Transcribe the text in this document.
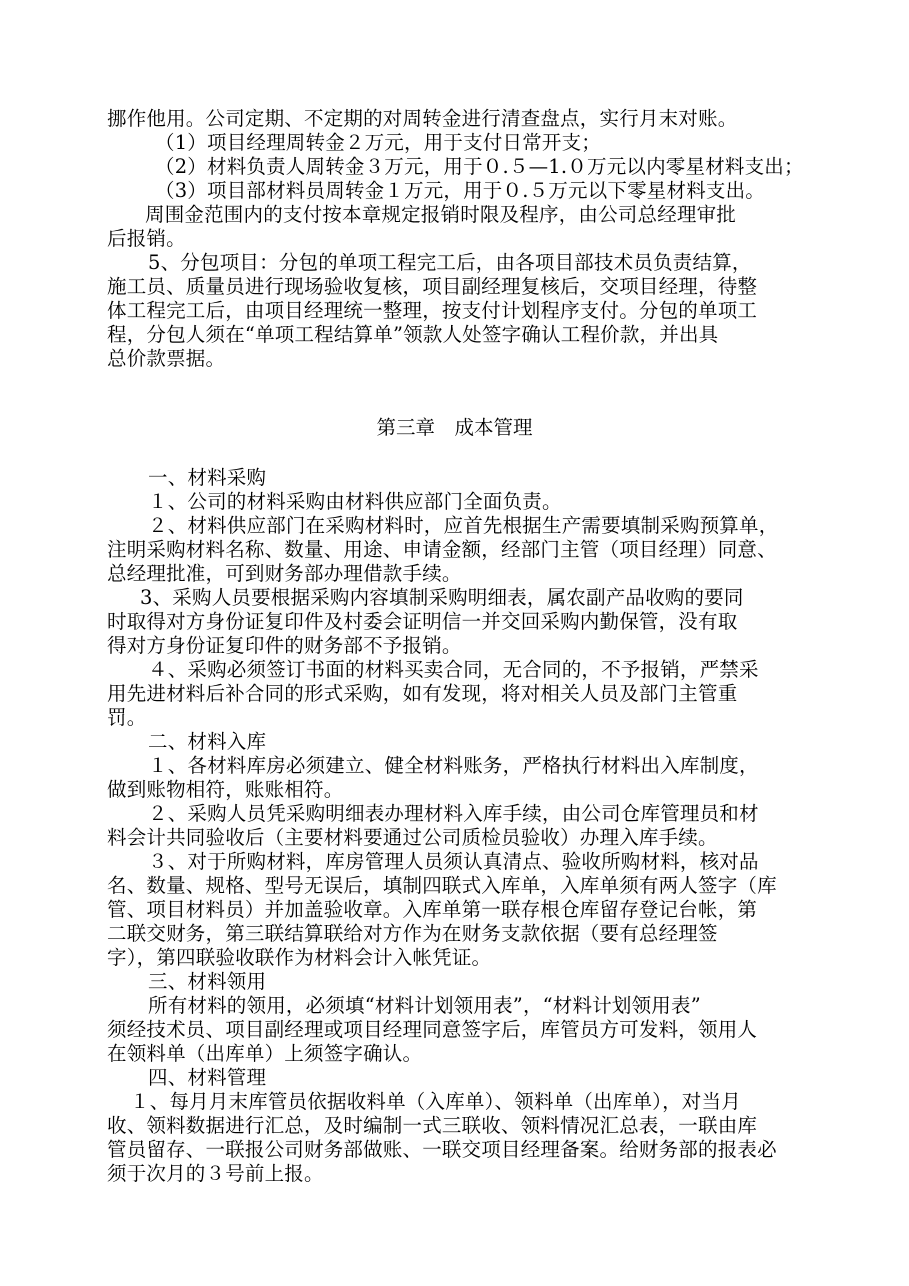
挪作他用。公司定期、不定期的对周转金进行清查盘点，实行月末对账。
（1）项目经理周转金２万元，用于支付日常开支；
（2）材料负责人周转金３万元，用于０.５—1.０万元以内零星材料支出；
（3）项目部材料员周转金１万元，用于０.５万元以下零星材料支出。
周围金范围内的支付按本章规定报销时限及程序，由公司总经理审批
后报销。
5、分包项目：分包的单项工程完工后，由各项目部技术员负责结算，
施工员、质量员进行现场验收复核，项目副经理复核后，交项目经理，待整
体工程完工后，由项目经理统一整理，按支付计划程序支付。分包的单项工
程，分包人须在“单项工程结算单”领款人处签字确认工程价款，并出具
总价款票据。
第三章　成本管理
一、材料采购
１、公司的材料采购由材料供应部门全面负责。
２、材料供应部门在采购材料时，应首先根据生产需要填制采购预算单，
注明采购材料名称、数量、用途、申请金额，经部门主管（项目经理）同意、
总经理批准，可到财务部办理借款手续。
3、采购人员要根据采购内容填制采购明细表，属农副产品收购的要同
时取得对方身份证复印件及村委会证明信一并交回采购内勤保管，没有取
得对方身份证复印件的财务部不予报销。
４、采购必须签订书面的材料买卖合同，无合同的，不予报销，严禁采
用先进材料后补合同的形式采购，如有发现，将对相关人员及部门主管重
罚。
二、材料入库
１、各材料库房必须建立、健全材料账务，严格执行材料出入库制度，
做到账物相符，账账相符。
２、采购人员凭采购明细表办理材料入库手续，由公司仓库管理员和材
料会计共同验收后（主要材料要通过公司质检员验收）办理入库手续。
３、对于所购材料，库房管理人员须认真清点、验收所购材料，核对品
名、数量、规格、型号无误后，填制四联式入库单，入库单须有两人签字（库
管、项目材料员）并加盖验收章。入库单第一联存根仓库留存登记台帐，第
二联交财务，第三联结算联给对方作为在财务支款依据（要有总经理签
字），第四联验收联作为材料会计入帐凭证。
三、材料领用
所有材料的领用，必须填“材料计划领用表”，“材料计划领用表”
须经技术员、项目副经理或项目经理同意签字后，库管员方可发料，领用人
在领料单（出库单）上须签字确认。
四、材料管理
１、每月月末库管员依据收料单（入库单）、领料单（出库单），对当月
收、领料数据进行汇总，及时编制一式三联收、领料情况汇总表，一联由库
管员留存、一联报公司财务部做账、一联交项目经理备案。给财务部的报表必
须于次月的３号前上报。
